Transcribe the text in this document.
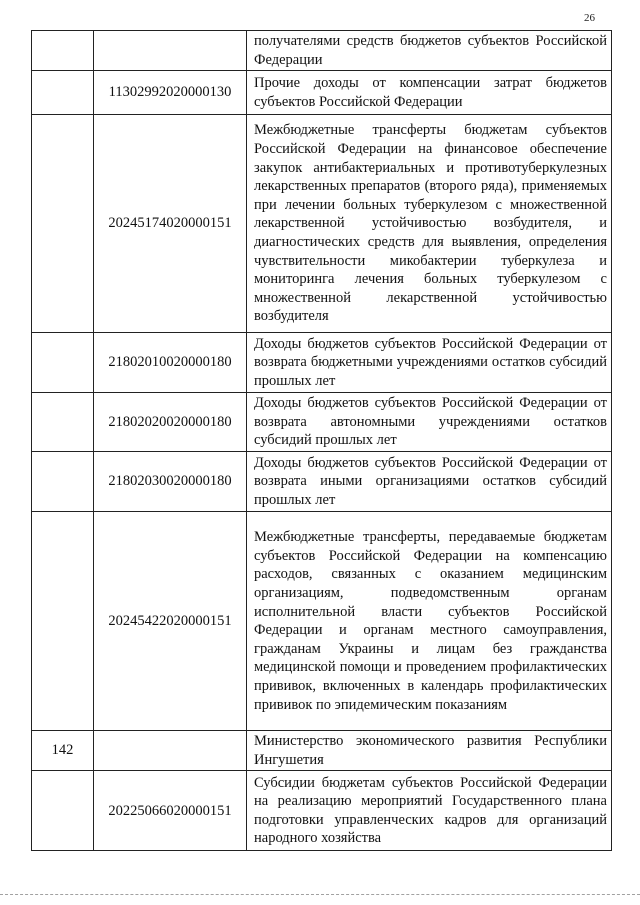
26

		получателями средств бюджетов субъектов Российской Федерации

	11302992020000130	Прочие доходы от компенсации затрат бюджетов субъектов Российской Федерации

	20245174020000151	Межбюджетные трансферты бюджетам субъектов Российской Федерации на финансовое обеспечение закупок антибактериальных и противотуберкулезных лекарственных препаратов (второго ряда), применяемых при лечении больных туберкулезом с множественной лекарственной устойчивостью возбудителя, и диагностических средств для выявления, определения чувствительности микобактерии туберкулеза и мониторинга лечения больных туберкулезом с множественной лекарственной устойчивостью возбудителя

	21802010020000180	Доходы бюджетов субъектов Российской Федерации от возврата бюджетными учреждениями остатков субсидий прошлых лет

	21802020020000180	Доходы бюджетов субъектов Российской Федерации от возврата автономными учреждениями остатков субсидий прошлых лет

	21802030020000180	Доходы бюджетов субъектов Российской Федерации от возврата иными организациями остатков субсидий прошлых лет

	20245422020000151	Межбюджетные трансферты, передаваемые бюджетам субъектов Российской Федерации на компенсацию расходов, связанных с оказанием медицинским организациям, подведомственным органам исполнительной власти субъектов Российской Федерации и органам местного самоуправления, гражданам Украины и лицам без гражданства медицинской помощи и проведением профилактических прививок, включенных в календарь профилактических прививок по эпидемическим показаниям

142		Министерство экономического развития Республики Ингушетия

	20225066020000151	Субсидии бюджетам субъектов Российской Федерации на реализацию мероприятий Государственного плана подготовки управленческих кадров для организаций народного хозяйства
